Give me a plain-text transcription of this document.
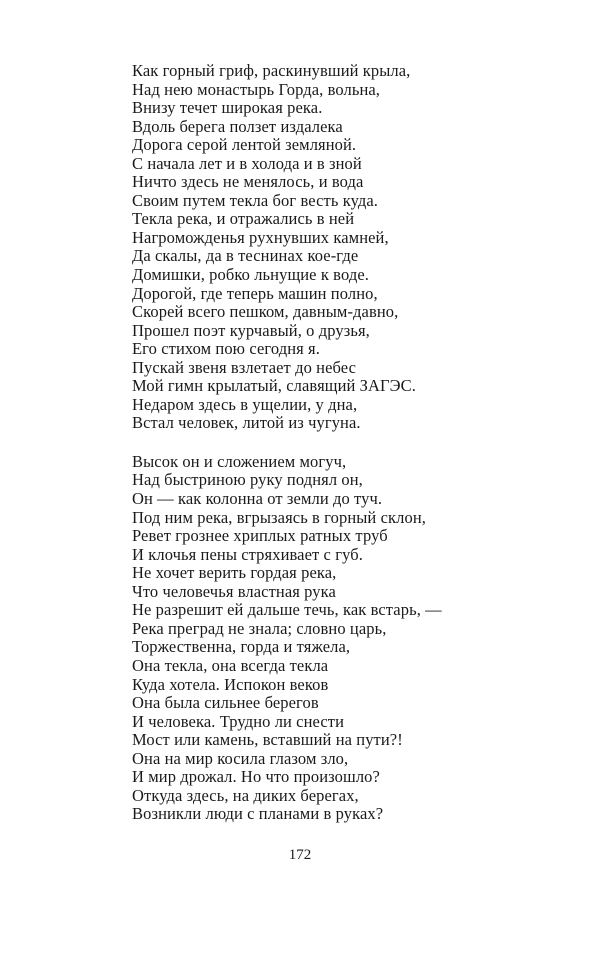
Как горный гриф, раскинувший крыла,
Над нею монастырь Горда, вольна,
Внизу течет широкая река.
Вдоль берега ползет издалека
Дорога серой лентой земляной.
С начала лет и в холода и в зной
Ничто здесь не менялось, и вода
Своим путем текла бог весть куда.
Текла река, и отражались в ней
Нагроможденья рухнувших камней,
Да скалы, да в теснинах кое-где
Домишки, робко льнущие к воде.
Дорогой, где теперь машин полно,
Скорей всего пешком, давным-давно,
Прошел поэт курчавый, о друзья,
Его стихом пою сегодня я.
Пускай звеня взлетает до небес
Мой гимн крылатый, славящий ЗАГЭС.
Недаром здесь в ущелии, у дна,
Встал человек, литой из чугуна.
Высок он и сложением могуч,
Над быстриною руку поднял он,
Он — как колонна от земли до туч.
Под ним река, вгрызаясь в горный склон,
Ревет грознее хриплых ратных труб
И клочья пены стряхивает с губ.
Не хочет верить гордая река,
Что человечья властная рука
Не разрешит ей дальше течь, как встарь, —
Река преград не знала; словно царь,
Торжественна, горда и тяжела,
Она текла, она всегда текла
Куда хотела. Испокон веков
Она была сильнее берегов
И человека. Трудно ли снести
Мост или камень, вставший на пути?!
Она на мир косила глазом зло,
И мир дрожал. Но что произошло?
Откуда здесь, на диких берегах,
Возникли люди с планами в руках?
172
